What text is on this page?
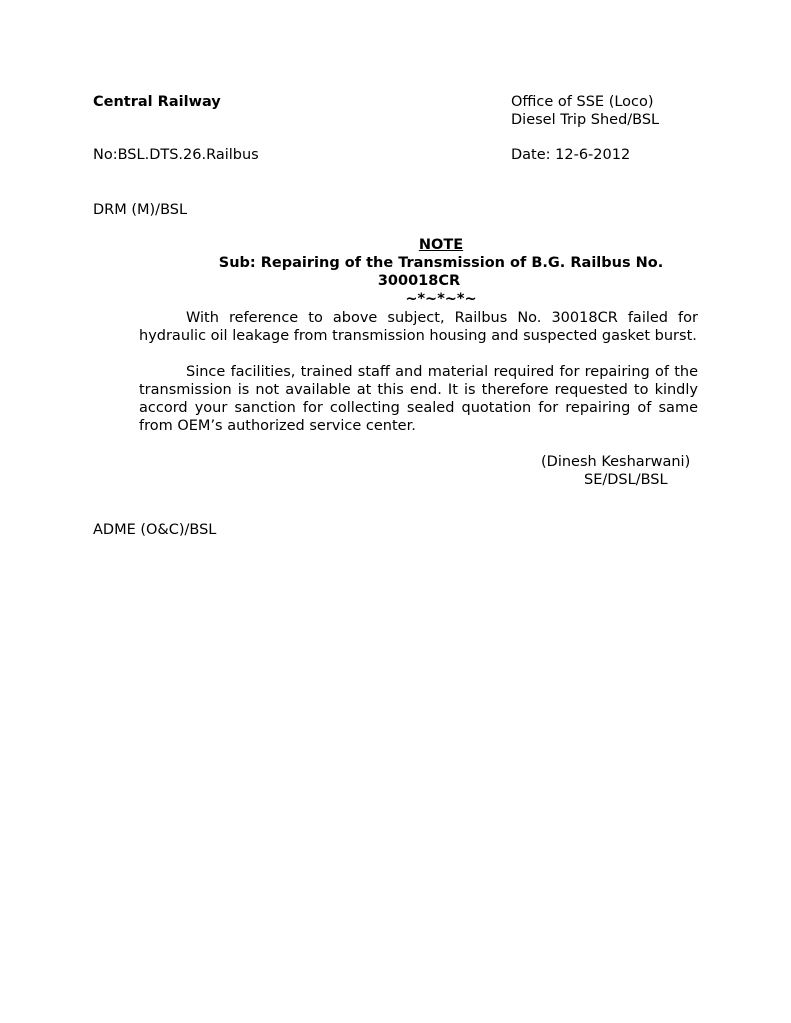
Central Railway	Office of SSE (Loco)
Diesel Trip Shed/BSL
No:BSL.DTS.26.Railbus	Date: 12-6-2012
DRM (M)/BSL
NOTE
Sub: Repairing of the Transmission of B.G. Railbus No.
300018CR
~*~*~*~
With reference to above subject, Railbus No. 30018CR failed for hydraulic oil leakage from transmission housing and suspected gasket burst.
Since facilities, trained staff and material required for repairing of the transmission is not available at this end. It is therefore requested to kindly accord your sanction for collecting sealed quotation for repairing of same from OEM’s authorized service center.
(Dinesh Kesharwani)
SE/DSL/BSL
ADME (O&C)/BSL
